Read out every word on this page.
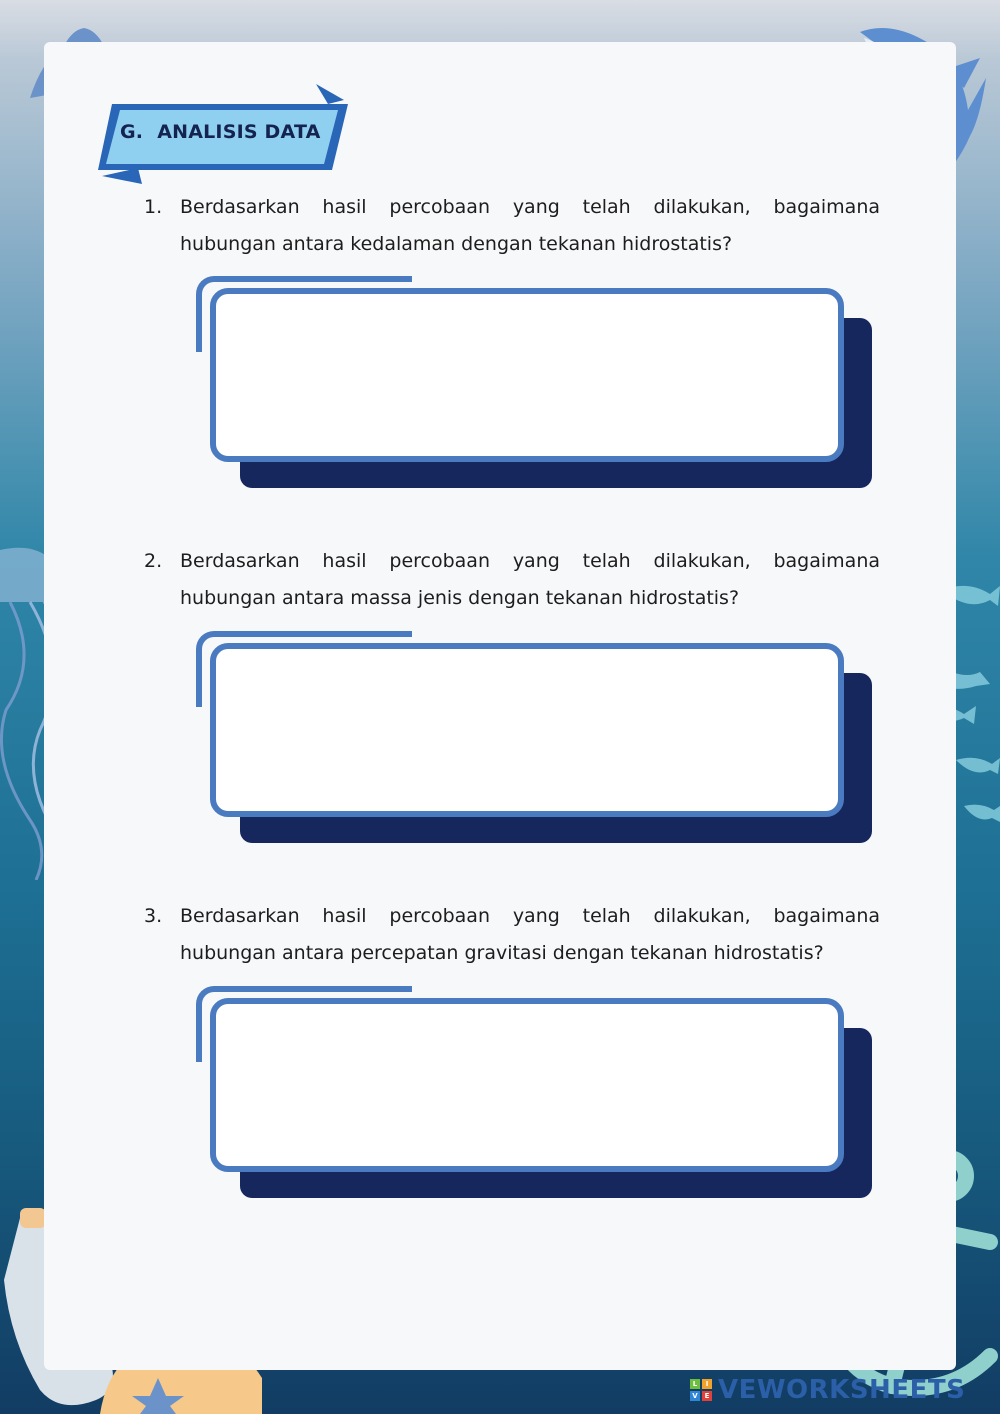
G. ANALISIS DATA
1. Berdasarkan hasil percobaan yang telah dilakukan, bagaimana hubungan antara kedalaman dengan tekanan hidrostatis?
2. Berdasarkan hasil percobaan yang telah dilakukan, bagaimana hubungan antara massa jenis dengan tekanan hidrostatis?
3. Berdasarkan hasil percobaan yang telah dilakukan, bagaimana hubungan antara percepatan gravitasi dengan tekanan hidrostatis?
L	I
V E VEWORKSHEETS
